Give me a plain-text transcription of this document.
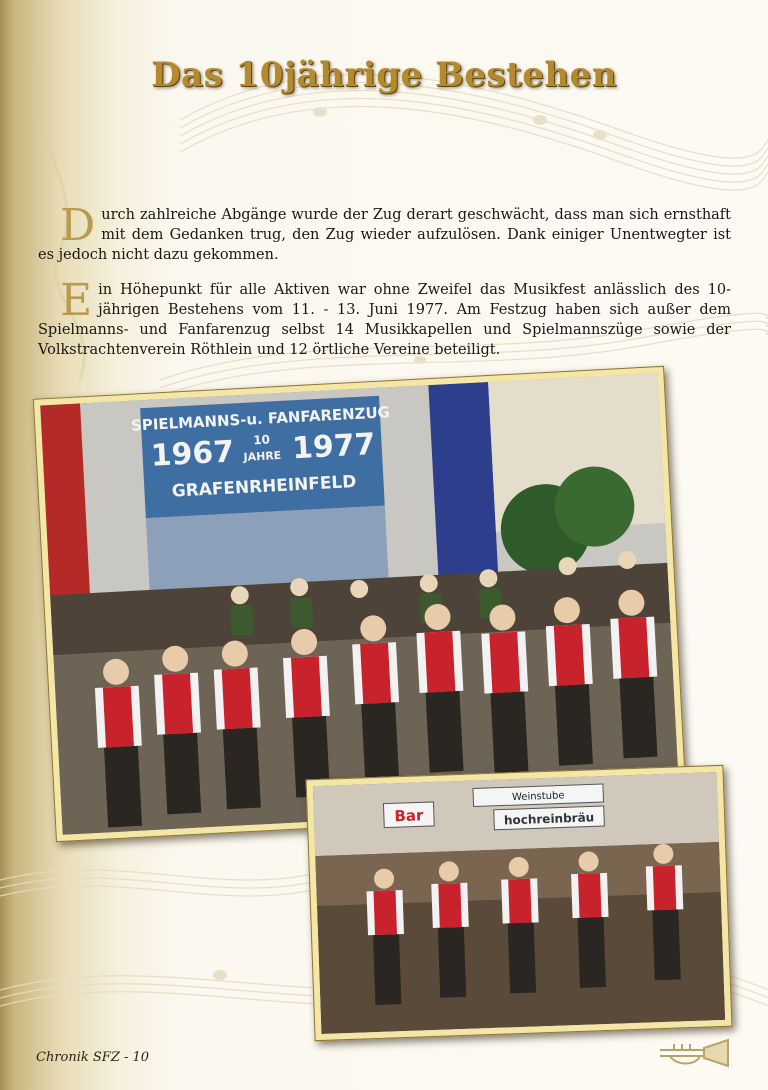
Das 10jährige Bestehen
Durch zahlreiche Abgänge wurde der Zug derart geschwächt, dass man sich ernsthaft mit dem Gedanken trug, den Zug wieder aufzulösen. Dank einiger Unentwegter ist es jedoch nicht dazu gekommen.
Ein Höhepunkt für alle Aktiven war ohne Zweifel das Musikfest anlässlich des 10-jährigen Bestehens vom 11. - 13. Juni 1977. Am Festzug haben sich außer dem Spielmanns- und Fanfarenzug selbst 14 Musikkapellen und Spielmannszüge sowie der Volkstrachtenverein Röthlein und 12 örtliche Vereine beteiligt.
SPIELMANNS-u. FANFARENZUG
1967 10
JAHRE 1977
GRAFENRHEINFELD
Bar
Weinstube
hochreinbräu
Chronik SFZ - 10
